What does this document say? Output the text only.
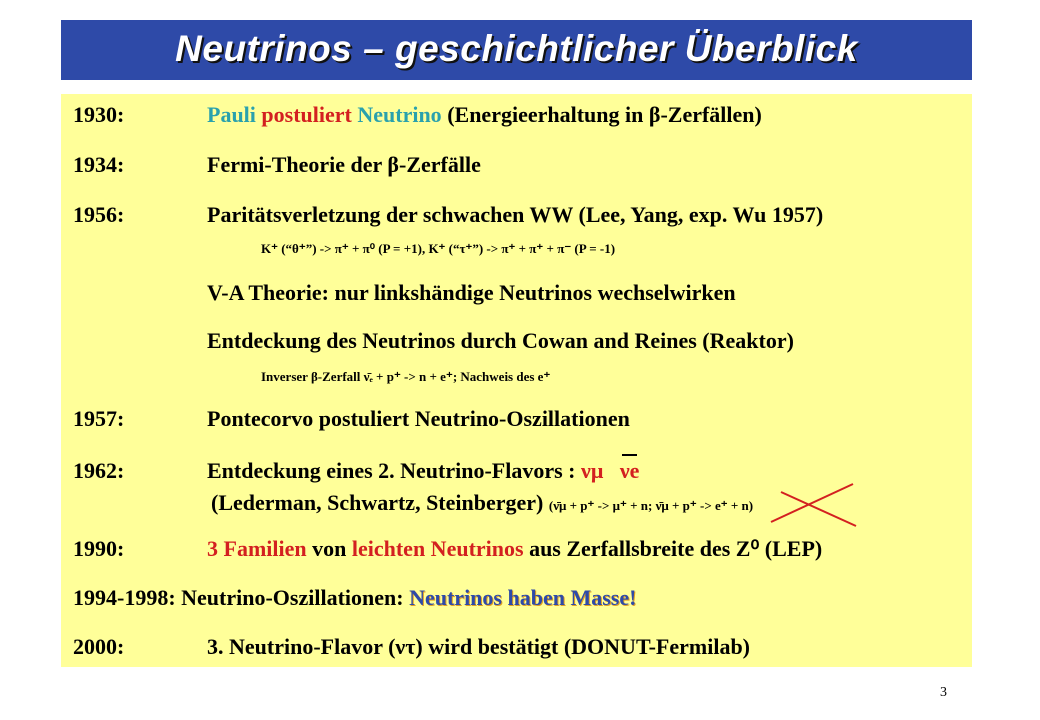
Neutrinos – geschichtlicher Überblick
1930:	Pauli postuliert Neutrino (Energieerhaltung in β-Zerfällen)
1934:	Fermi-Theorie der β-Zerfälle
1956:	Paritätsverletzung der schwachen WW (Lee, Yang, exp. Wu 1957)
K⁺ (“θ⁺”) -> π⁺ + π⁰ (P = +1), K⁺ (“τ⁺”) -> π⁺ + π⁺ + π⁻ (P = -1)
V-A Theorie: nur linkshändige Neutrinos wechselwirken
Entdeckung des Neutrinos durch Cowan and Reines (Reaktor)
Inverser β-Zerfall ν̄ₑ + p⁺ -> n + e⁺; Nachweis des e⁺
1957:	Pontecorvo postuliert Neutrino-Oszillationen
1962:	Entdeckung eines 2. Neutrino-Flavors : νμ νe
(Lederman, Schwartz, Steinberger) (ν̄μ + p⁺ -> μ⁺ + n; ν̄μ + p⁺ -> e⁺ + n)
1990:	3 Familien von leichten Neutrinos aus Zerfallsbreite des Z⁰ (LEP)
1994-1998: Neutrino-Oszillationen: Neutrinos haben Masse!
2000:	3. Neutrino-Flavor (ντ) wird bestätigt (DONUT-Fermilab)
3
